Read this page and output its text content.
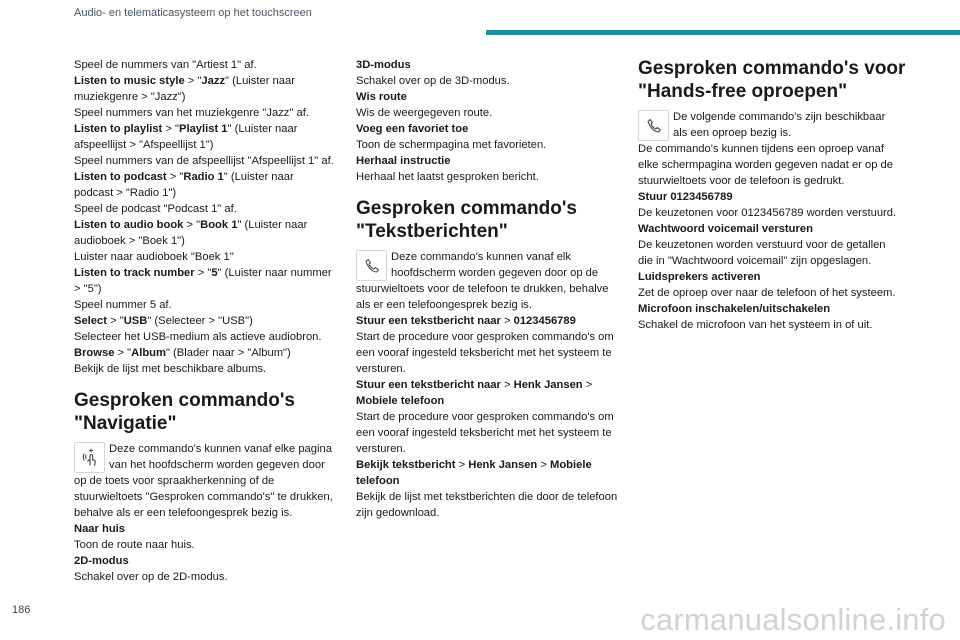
Audio- en telematicasysteem op het touchscreen
Speel de nummers van "Artiest 1" af.
Listen to music style > "Jazz" (Luister naar
muziekgenre > "Jazz")
Speel nummers van het muziekgenre "Jazz" af.
Listen to playlist > "Playlist 1" (Luister naar
afspeellijst > "Afspeellijst 1")
Speel nummers van de afspeellijst "Afspeellijst 1" af.
Listen to podcast > "Radio 1" (Luister naar
podcast > "Radio 1")
Speel de podcast "Podcast 1" af.
Listen to audio book > "Book 1" (Luister naar
audioboek > "Boek 1")
Luister naar audioboek "Boek 1"
Listen to track number > "5" (Luister naar nummer
> "5")
Speel nummer 5 af.
Select > "USB" (Selecteer > "USB")
Selecteer het USB-medium als actieve audiobron.
Browse > "Album" (Blader naar > "Album")
Bekijk de lijst met beschikbare albums.
Gesproken commando's
"Navigatie"
Deze commando's kunnen vanaf elke pagina
van het hoofdscherm worden gegeven door
op de toets voor spraakherkenning of de
stuurwieltoets "Gesproken commando's" te drukken,
behalve als er een telefoongesprek bezig is.
Naar huis
Toon de route naar huis.
2D-modus
Schakel over op de 2D-modus.
3D-modus
Schakel over op de 3D-modus.
Wis route
Wis de weergegeven route.
Voeg een favoriet toe
Toon de schermpagina met favorieten.
Herhaal instructie
Herhaal het laatst gesproken bericht.
Gesproken commando's
"Tekstberichten"
Deze commando's kunnen vanaf elk
hoofdscherm worden gegeven door op de
stuurwieltoets voor de telefoon te drukken, behalve
als er een telefoongesprek bezig is.
Stuur een tekstbericht naar > 0123456789
Start de procedure voor gesproken commando's om
een vooraf ingesteld teksbericht met het systeem te
versturen.
Stuur een tekstbericht naar > Henk Jansen >
Mobiele telefoon
Start de procedure voor gesproken commando's om
een vooraf ingesteld teksbericht met het systeem te
versturen.
Bekijk tekstbericht > Henk Jansen > Mobiele
telefoon
Bekijk de lijst met tekstberichten die door de telefoon
zijn gedownload.
Gesproken commando's voor
"Hands-free oproepen"
De volgende commando's zijn beschikbaar
als een oproep bezig is.
De commando's kunnen tijdens een oproep vanaf
elke schermpagina worden gegeven nadat er op de
stuurwieltoets voor de telefoon is gedrukt.
Stuur 0123456789
De keuzetonen voor 0123456789 worden verstuurd.
Wachtwoord voicemail versturen
De keuzetonen worden verstuurd voor de getallen
die in "Wachtwoord voicemail" zijn opgeslagen.
Luidsprekers activeren
Zet de oproep over naar de telefoon of het systeem.
Microfoon inschakelen/uitschakelen
Schakel de microfoon van het systeem in of uit.
186	carmanualsonline.info
